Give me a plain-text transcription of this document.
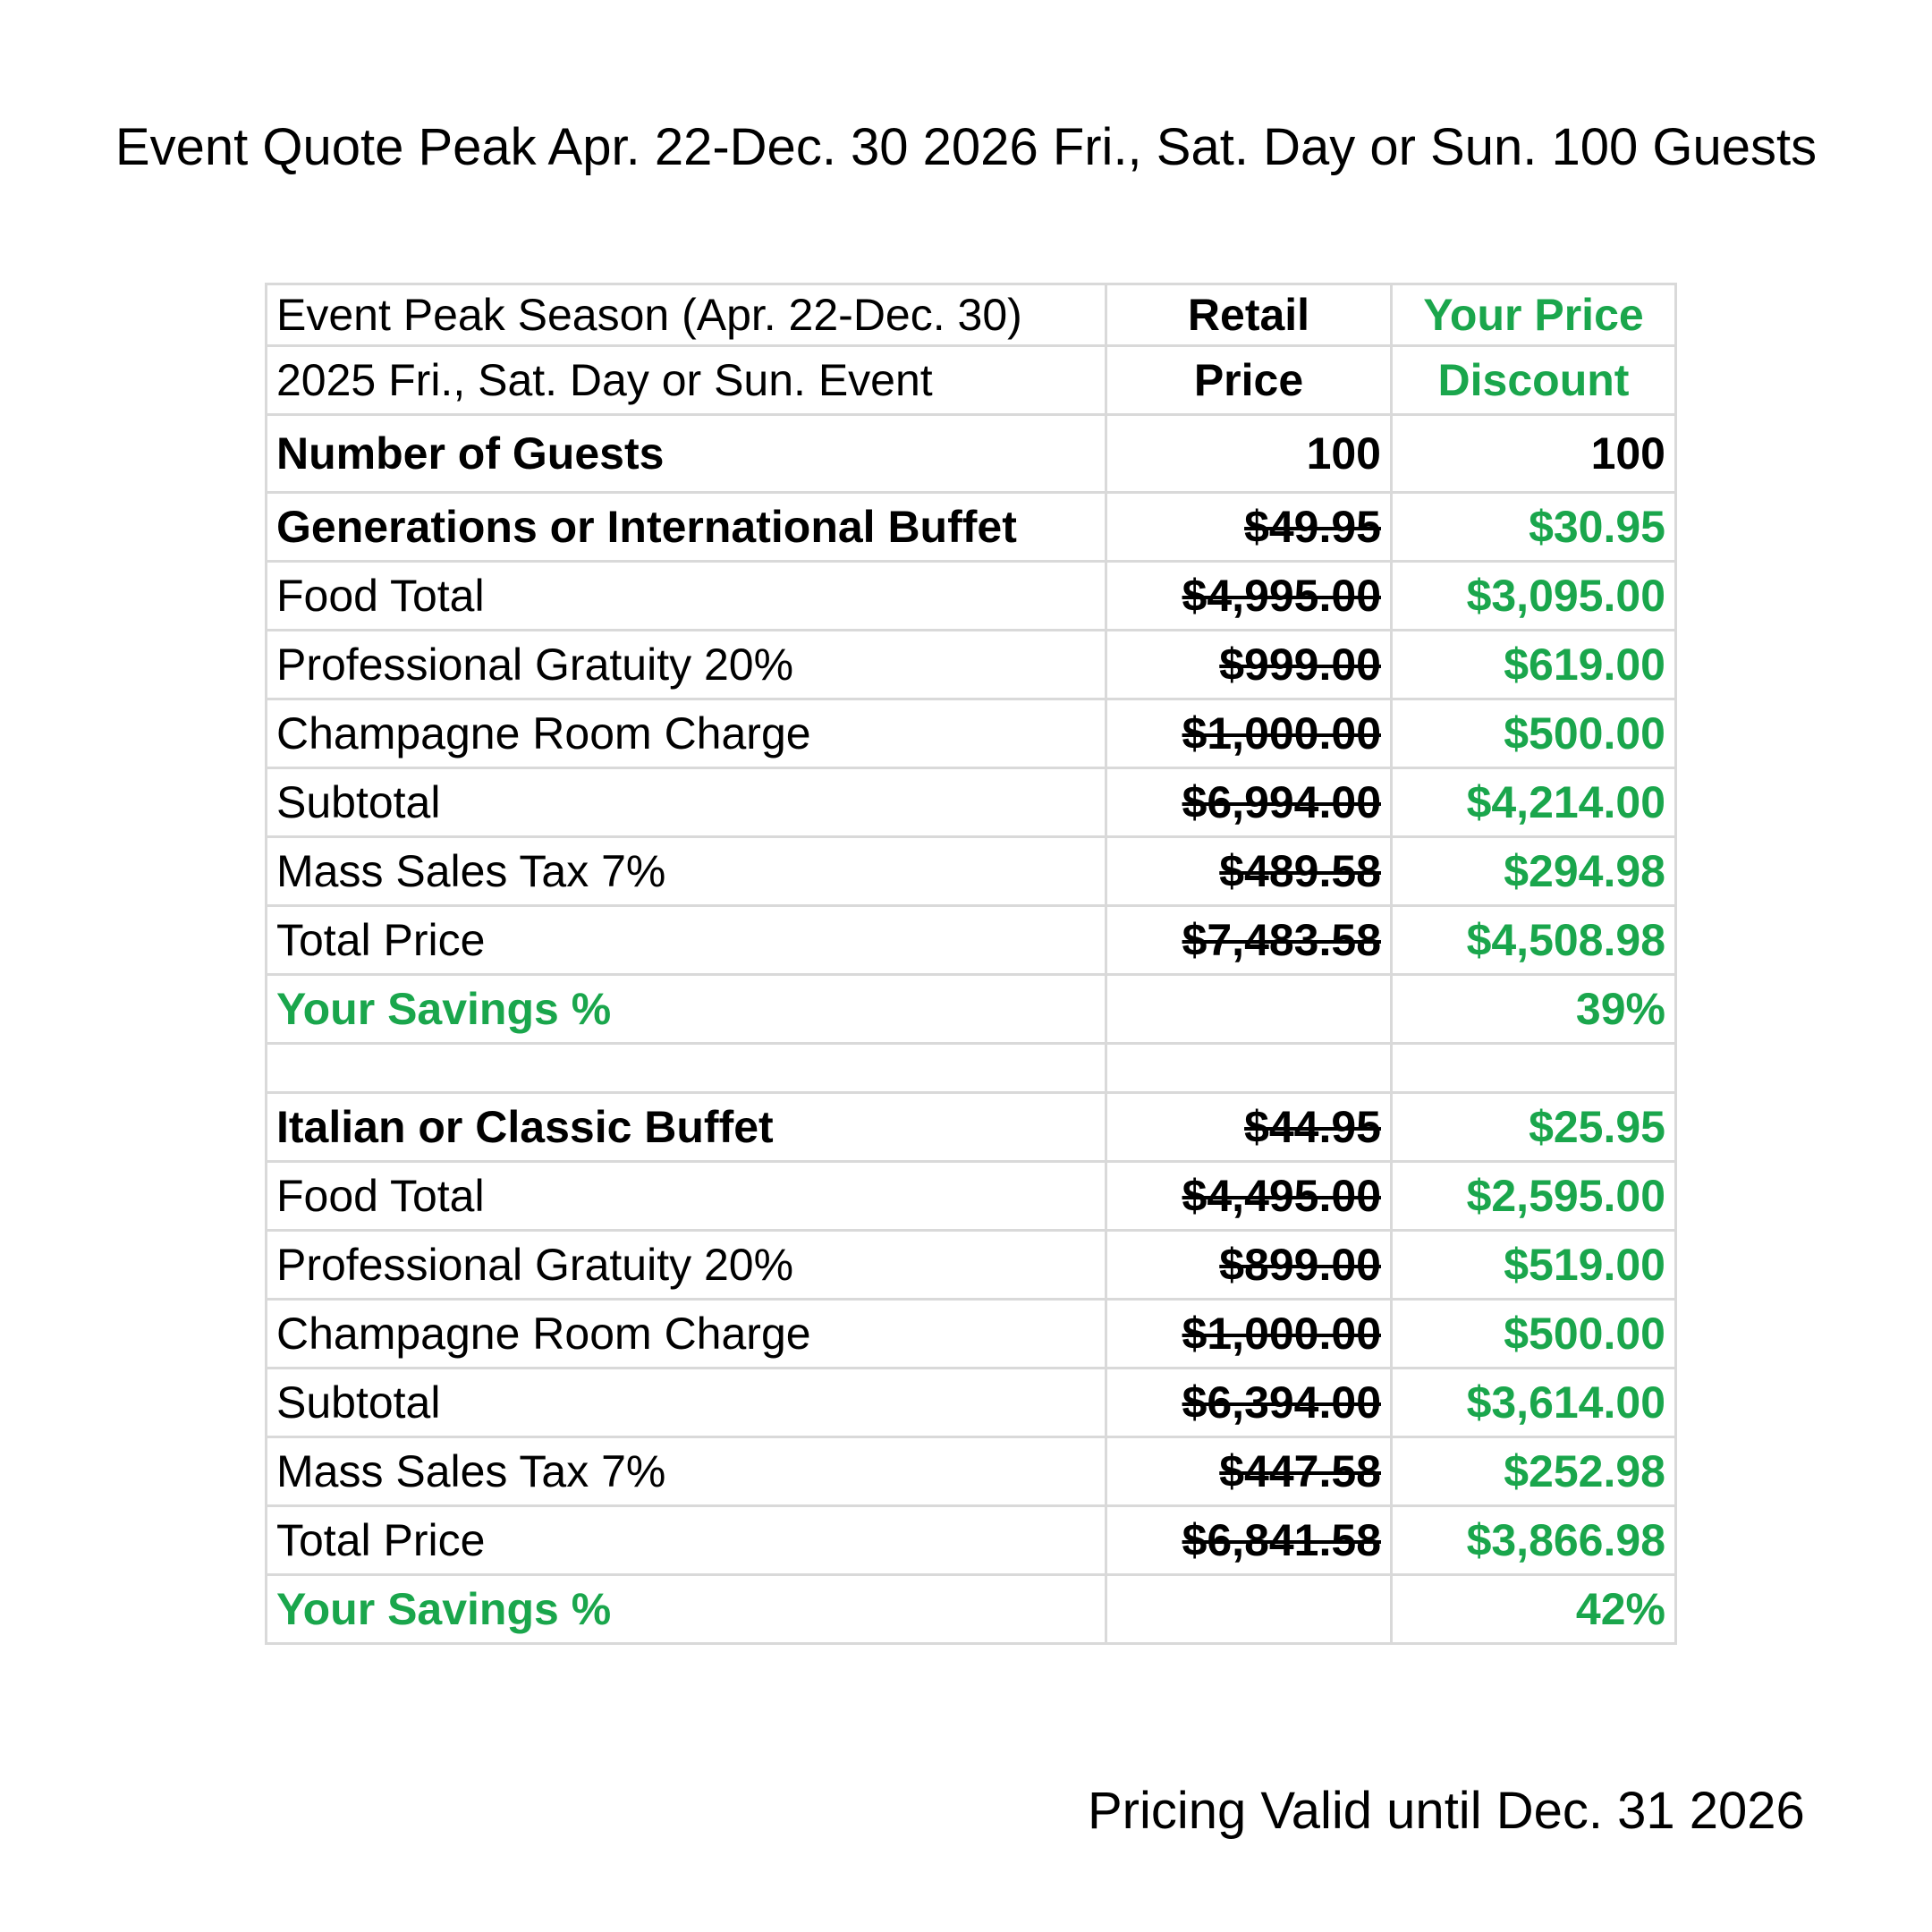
Event Quote Peak Apr. 22-Dec. 30 2026 Fri., Sat. Day or Sun. 100 Guests
Event Peak Season (Apr. 22-Dec. 30)	Retail	Your Price
2025 Fri., Sat. Day or Sun. Event	Price	Discount
Number of Guests	100	100
Generations or International Buffet	$49.95	$30.95
Food Total	$4,995.00	$3,095.00
Professional Gratuity 20%	$999.00	$619.00
Champagne Room Charge	$1,000.00	$500.00
Subtotal	$6,994.00	$4,214.00
Mass Sales Tax 7%	$489.58	$294.98
Total Price	$7,483.58	$4,508.98
Your Savings %		39%

Italian or Classic Buffet	$44.95	$25.95
Food Total	$4,495.00	$2,595.00
Professional Gratuity 20%	$899.00	$519.00
Champagne Room Charge	$1,000.00	$500.00
Subtotal	$6,394.00	$3,614.00
Mass Sales Tax 7%	$447.58	$252.98
Total Price	$6,841.58	$3,866.98
Your Savings %		42%
Pricing Valid until Dec. 31 2026
